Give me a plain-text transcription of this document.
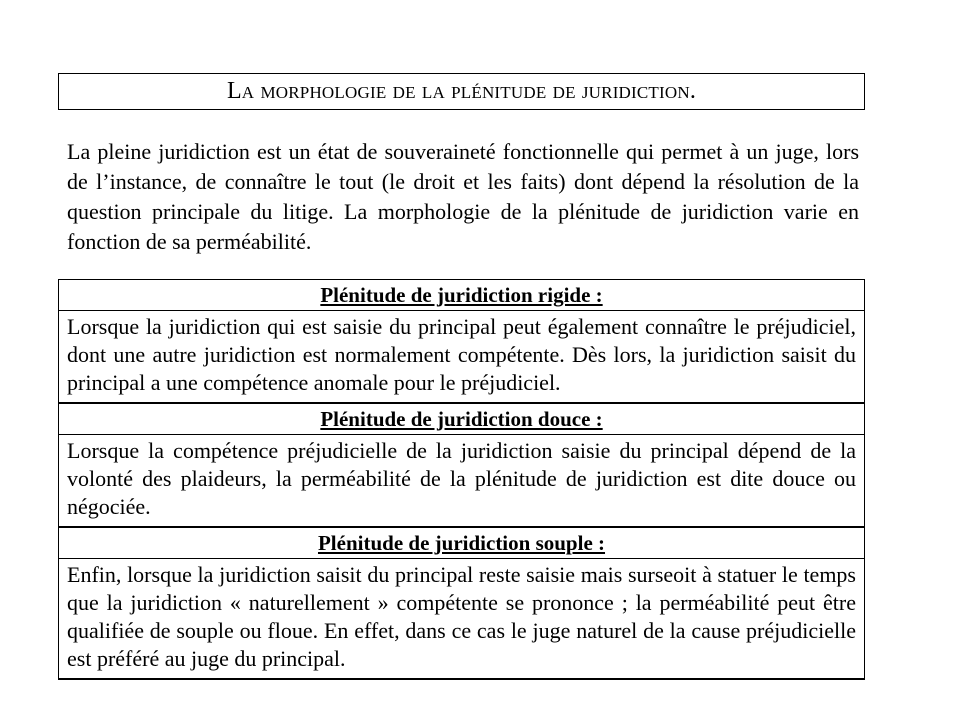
La morphologie de la plénitude de juridiction.

La pleine juridiction est un état de souveraineté fonctionnelle qui permet à un juge, lors de l’instance, de connaître le tout (le droit et les faits) dont dépend la résolution de la question principale du litige. La morphologie de la plénitude de juridiction varie en fonction de sa perméabilité.

Plénitude de juridiction rigide :
Lorsque la juridiction qui est saisie du principal peut également connaître le préjudiciel, dont une autre juridiction est normalement compétente. Dès lors, la juridiction saisit du principal a une compétence anomale pour le préjudiciel.
Plénitude de juridiction douce :
Lorsque la compétence préjudicielle de la juridiction saisie du principal dépend de la volonté des plaideurs, la perméabilité de la plénitude de juridiction est dite douce ou négociée.
Plénitude de juridiction souple :
Enfin, lorsque la juridiction saisit du principal reste saisie mais surseoit à statuer le temps que la juridiction « naturellement » compétente se prononce ; la perméabilité peut être qualifiée de souple ou floue. En effet, dans ce cas le juge naturel de la cause préjudicielle est préféré au juge du principal.
